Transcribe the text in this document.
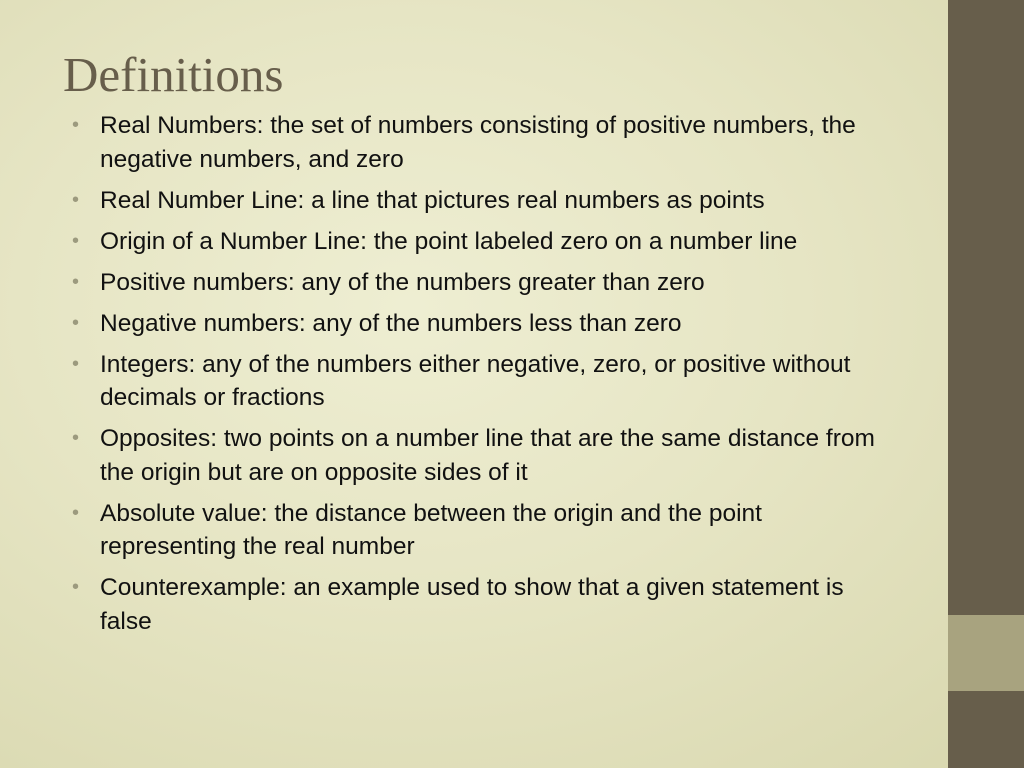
Definitions
• Real Numbers: the set of numbers consisting of positive numbers, the negative numbers, and zero
• Real Number Line: a line that pictures real numbers as points
• Origin of a Number Line: the point labeled zero on a number line
• Positive numbers: any of the numbers greater than zero
• Negative numbers: any of the numbers less than zero
• Integers: any of the numbers either negative, zero, or positive without decimals or fractions
• Opposites: two points on a number line that are the same distance from the origin but are on opposite sides of it
• Absolute value: the distance between the origin and the point representing the real number
• Counterexample: an example used to show that a given statement is false
